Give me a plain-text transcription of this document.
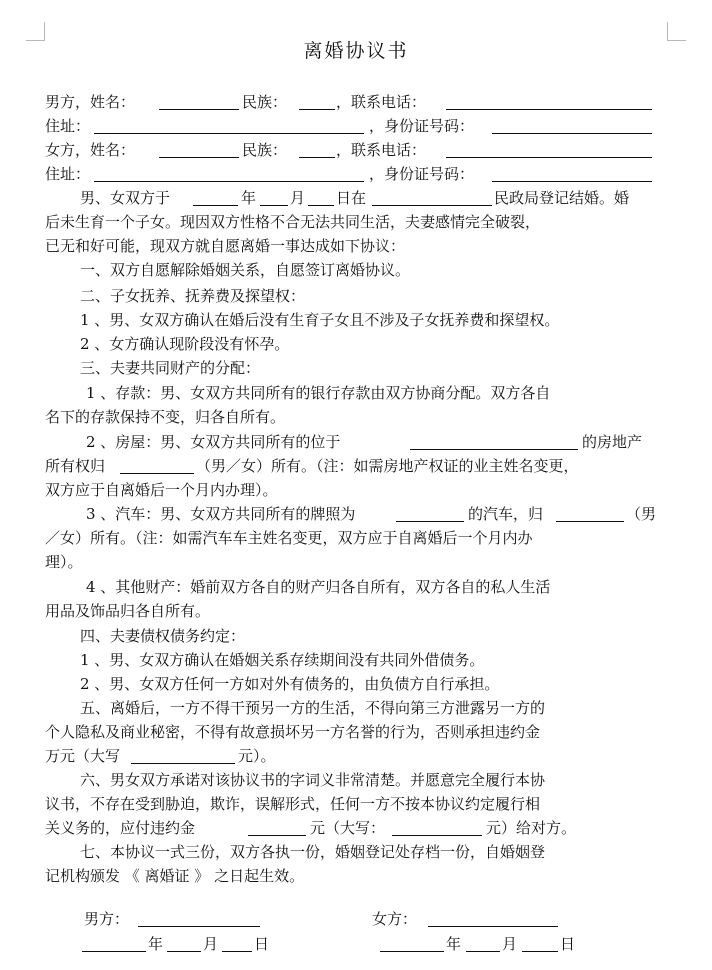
离婚协议书
男方，姓名：	民族：	，联系电话：
住址：	，身份证号码：
女方，姓名：	民族：	，联系电话：
住址：	，身份证号码：
男、女双方于	年 月 日在	民政局登记结婚。婚
后未生育一个子女。现因双方性格不合无法共同生活，夫妻感情完全破裂，
已无和好可能，现双方就自愿离婚一事达成如下协议：
一、双方自愿解除婚姻关系，自愿签订离婚协议。
二、子女抚养、抚养费及探望权：
1 、男、女双方确认在婚后没有生育子女且不涉及子女抚养费和探望权。
2 、女方确认现阶段没有怀孕。
三、夫妻共同财产的分配：
1 、存款：男、女双方共同所有的银行存款由双方协商分配。双方各自
名下的存款保持不变，归各自所有。
2 、房屋：男、女双方共同所有的位于	的房地产
所有权归	（男／女）所有。（注：如需房地产权证的业主姓名变更，
双方应于自离婚后一个月内办理）。
3 、汽车：男、女双方共同所有的牌照为	的汽车，归	（男
／女）所有。（注：如需汽车车主姓名变更，双方应于自离婚后一个月内办
理）。
4 、其他财产：婚前双方各自的财产归各自所有，双方各自的私人生活
用品及饰品归各自所有。
四、夫妻债权债务约定：
1 、男、女双方确认在婚姻关系存续期间没有共同外借债务。
2 、男、女双方任何一方如对外有债务的，由负债方自行承担。
五、离婚后，一方不得干预另一方的生活，不得向第三方泄露另一方的
个人隐私及商业秘密，不得有故意损坏另一方名誉的行为，否则承担违约金
万元（大写	元）。
六、男女双方承诺对该协议书的字词义非常清楚。并愿意完全履行本协
议书，不存在受到胁迫，欺诈，误解形式，任何一方不按本协议约定履行相
关义务的，应付违约金	元（大写：	元）给对方。
七、本协议一式三份，双方各执一份，婚姻登记处存档一份，自婚姻登
记机构颁发 《 离婚证 》 之日起生效。
男方：	女方：
年	月 日	年	月	日
